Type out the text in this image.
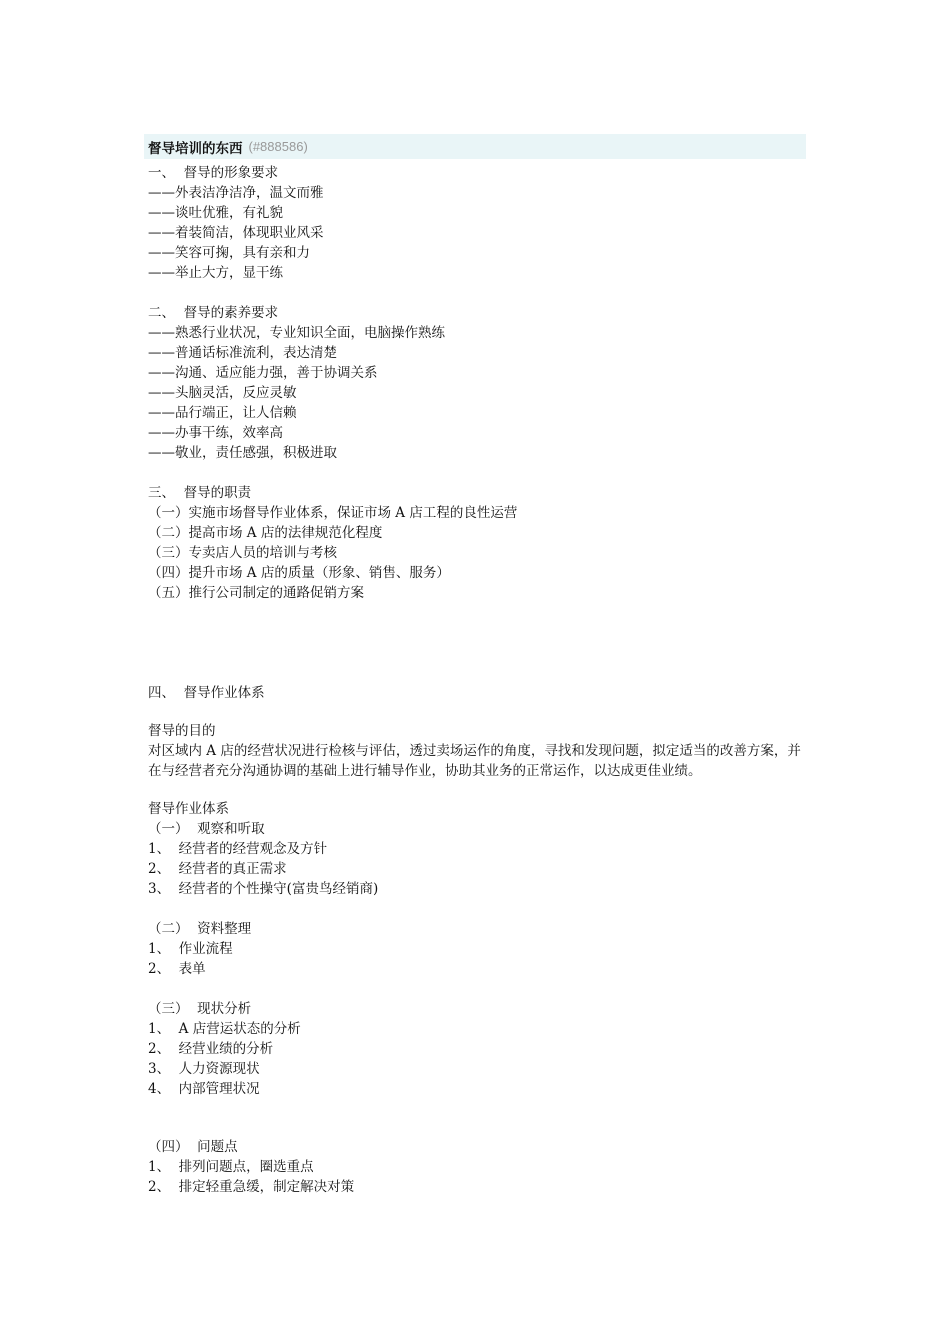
督导培训的东西 (#888586)
一、  督导的形象要求
——外表洁净洁净，温文而雅
——谈吐优雅，有礼貌
——着装简洁，体现职业风采
——笑容可掬，具有亲和力
——举止大方，显干练
二、  督导的素养要求
——熟悉行业状况，专业知识全面，电脑操作熟练
——普通话标准流利，表达清楚
——沟通、适应能力强，善于协调关系
——头脑灵活，反应灵敏
——品行端正，让人信赖
——办事干练，效率高
——敬业，责任感强，积极进取
三、  督导的职责
（一）实施市场督导作业体系，保证市场 A 店工程的良性运营
（二）提高市场 A 店的法律规范化程度
（三）专卖店人员的培训与考核
（四）提升市场 A 店的质量（形象、销售、服务）
（五）推行公司制定的通路促销方案
四、  督导作业体系
督导的目的
对区域内 A 店的经营状况进行检核与评估，透过卖场运作的角度，寻找和发现问题，拟定适当的改善方案，并在与经营者充分沟通协调的基础上进行辅导作业，协助其业务的正常运作，以达成更佳业绩。
督导作业体系
（一）  观察和听取
1、  经营者的经营观念及方针
2、  经营者的真正需求
3、  经营者的个性操守(富贵鸟经销商)
（二）  资料整理
1、  作业流程
2、  表单
（三）  现状分析
1、  A 店营运状态的分析
2、  经营业绩的分析
3、  人力资源现状
4、  内部管理状况
（四）  问题点
1、  排列问题点，圈选重点
2、  排定轻重急缓，制定解决对策
